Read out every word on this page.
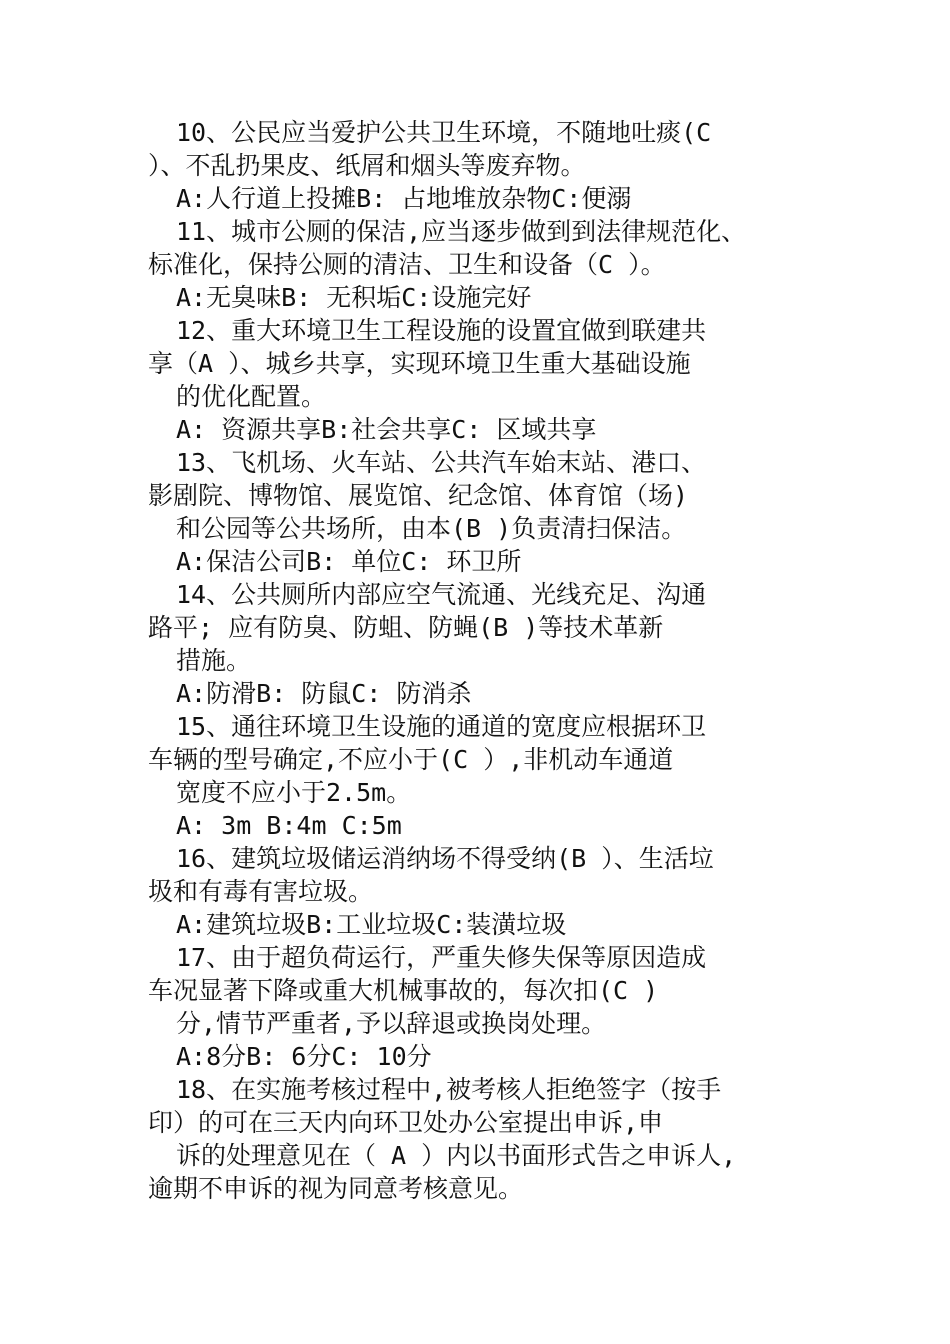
10、公民应当爱护公共卫生环境，不随地吐痰(C
）、不乱扔果皮、纸屑和烟头等废弃物。
A:人行道上投摊B: 占地堆放杂物C:便溺
11、城市公厕的保洁,应当逐步做到到法律规范化、
标准化，保持公厕的清洁、卫生和设备（C ）。
A:无臭味B: 无积垢C:设施完好
12、重大环境卫生工程设施的设置宜做到联建共
享（A ）、城乡共享，实现环境卫生重大基础设施
的优化配置。
A: 资源共享B:社会共享C: 区域共享
13、飞机场、火车站、公共汽车始末站、港口、
影剧院、博物馆、展览馆、纪念馆、体育馆（场)
和公园等公共场所，由本(B )负责清扫保洁。
A:保洁公司B: 单位C: 环卫所
14、公共厕所内部应空气流通、光线充足、沟通
路平; 应有防臭、防蛆、防蝇(B )等技术革新
措施。
A:防滑B: 防鼠C: 防消杀
15、通往环境卫生设施的通道的宽度应根据环卫
车辆的型号确定,不应小于(C ）,非机动车通道
宽度不应小于2.5m。
A: 3m B:4m C:5m
16、建筑垃圾储运消纳场不得受纳(B ）、生活垃
圾和有毒有害垃圾。
A:建筑垃圾B:工业垃圾C:装潢垃圾
17、由于超负荷运行，严重失修失保等原因造成
车况显著下降或重大机械事故的，每次扣(C )
分,情节严重者,予以辞退或换岗处理。
A:8分B: 6分C: 10分
18、在实施考核过程中,被考核人拒绝签字（按手
印）的可在三天内向环卫处办公室提出申诉,申
诉的处理意见在（ A ）内以书面形式告之申诉人,
逾期不申诉的视为同意考核意见。
